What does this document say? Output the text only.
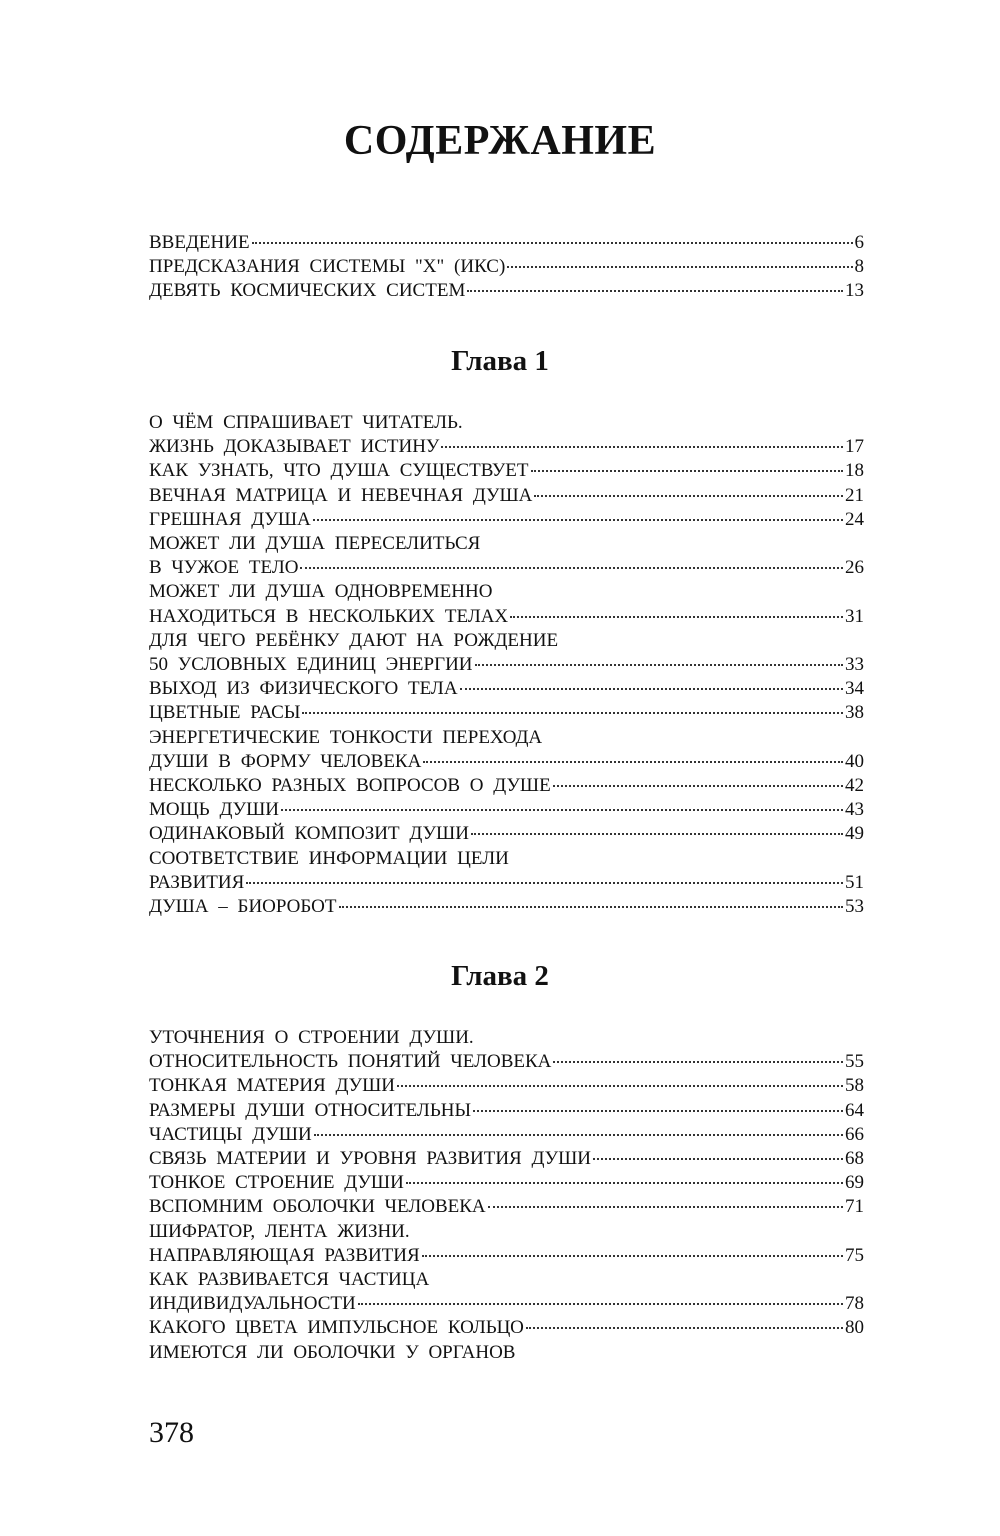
СОДЕРЖАНИЕ
ВВЕДЕНИЕ	6
ПРЕДСКАЗАНИЯ СИСТЕМЫ "X" (ИКС)	8
ДЕВЯТЬ КОСМИЧЕСКИХ СИСТЕМ	13
Глава 1
О ЧЁМ СПРАШИВАЕТ ЧИТАТЕЛЬ.
ЖИЗНЬ ДОКАЗЫВАЕТ ИСТИНУ	17
КАК УЗНАТЬ, ЧТО ДУША СУЩЕСТВУЕТ	18
ВЕЧНАЯ МАТРИЦА И НЕВЕЧНАЯ ДУША	21
ГРЕШНАЯ ДУША	24
МОЖЕТ ЛИ ДУША ПЕРЕСЕЛИТЬСЯ
В ЧУЖОЕ ТЕЛО	26
МОЖЕТ ЛИ ДУША ОДНОВРЕМЕННО
НАХОДИТЬСЯ В НЕСКОЛЬКИХ ТЕЛАХ	31
ДЛЯ ЧЕГО РЕБЁНКУ ДАЮТ НА РОЖДЕНИЕ
50 УСЛОВНЫХ ЕДИНИЦ ЭНЕРГИИ	33
ВЫХОД ИЗ ФИЗИЧЕСКОГО ТЕЛА	34
ЦВЕТНЫЕ РАСЫ	38
ЭНЕРГЕТИЧЕСКИЕ ТОНКОСТИ ПЕРЕХОДА
ДУШИ В ФОРМУ ЧЕЛОВЕКА	40
НЕСКОЛЬКО РАЗНЫХ ВОПРОСОВ О ДУШЕ	42
МОЩЬ ДУШИ	43
ОДИНАКОВЫЙ КОМПОЗИТ ДУШИ	49
СООТВЕТСТВИЕ ИНФОРМАЦИИ ЦЕЛИ
РАЗВИТИЯ	51
ДУША – БИОРОБОТ	53
Глава 2
УТОЧНЕНИЯ О СТРОЕНИИ ДУШИ.
ОТНОСИТЕЛЬНОСТЬ ПОНЯТИЙ ЧЕЛОВЕКА	55
ТОНКАЯ МАТЕРИЯ ДУШИ	58
РАЗМЕРЫ ДУШИ ОТНОСИТЕЛЬНЫ	64
ЧАСТИЦЫ ДУШИ	66
СВЯЗЬ МАТЕРИИ И УРОВНЯ РАЗВИТИЯ ДУШИ	68
ТОНКОЕ СТРОЕНИЕ ДУШИ	69
ВСПОМНИМ ОБОЛОЧКИ ЧЕЛОВЕКА	71
ШИФРАТОР, ЛЕНТА ЖИЗНИ.
НАПРАВЛЯЮЩАЯ РАЗВИТИЯ	75
КАК РАЗВИВАЕТСЯ ЧАСТИЦА
ИНДИВИДУАЛЬНОСТИ	78
КАКОГО ЦВЕТА ИМПУЛЬСНОЕ КОЛЬЦО	80
ИМЕЮТСЯ ЛИ ОБОЛОЧКИ У ОРГАНОВ
378
